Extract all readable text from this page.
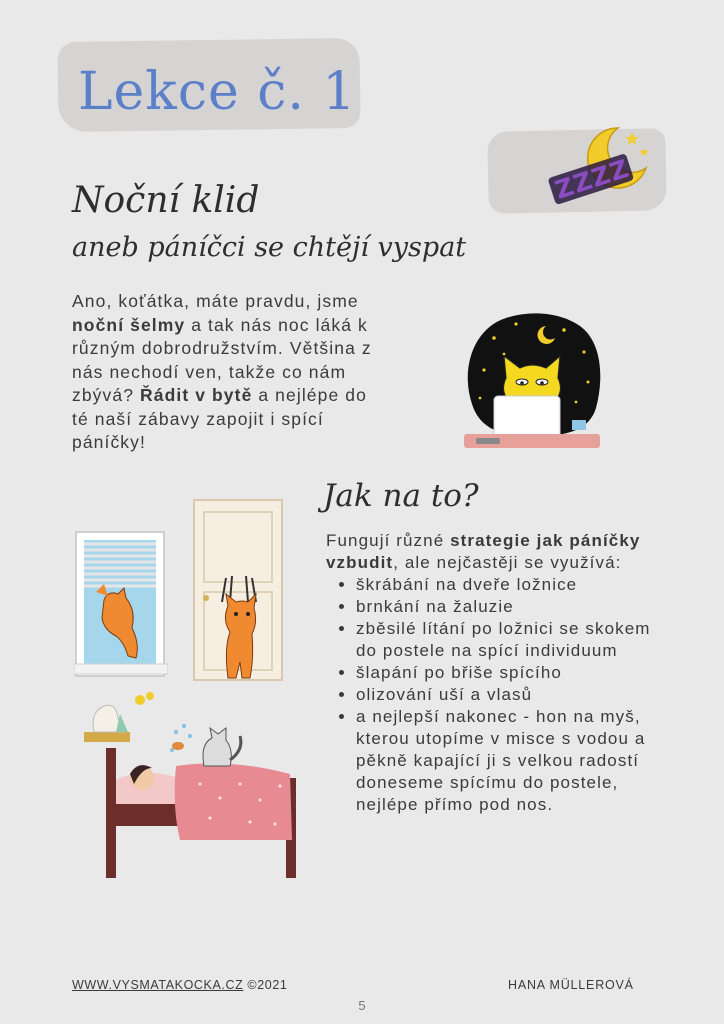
Lekce č. 1
ZZZZ
Noční klid
aneb páníčci se chtějí vyspat
Ano, koťátka, máte pravdu, jsme noční šelmy a tak nás noc láká k různým dobrodružstvím. Většina z nás nechodí ven, takže co nám zbývá? Řádit v bytě a nejlépe do té naší zábavy zapojit i spící páníčky!
Jak na to?
Fungují různé strategie jak páníčky vzbudit, ale nejčastěji se využívá:
• škrábání na dveře ložnice
• brnkání na žaluzie
• zběsilé lítání po ložnici se skokem do postele na spící individuum
• šlapání po břiše spícího
• olizování uší a vlasů
• a nejlepší nakonec - hon na myš, kterou utopíme v misce s vodou a pěkně kapající ji s velkou radostí doneseme spícímu do postele, nejlépe přímo pod nos.
WWW.VYSMATAKOCKA.CZ ©2021	HANA MÜLLEROVÁ
5
